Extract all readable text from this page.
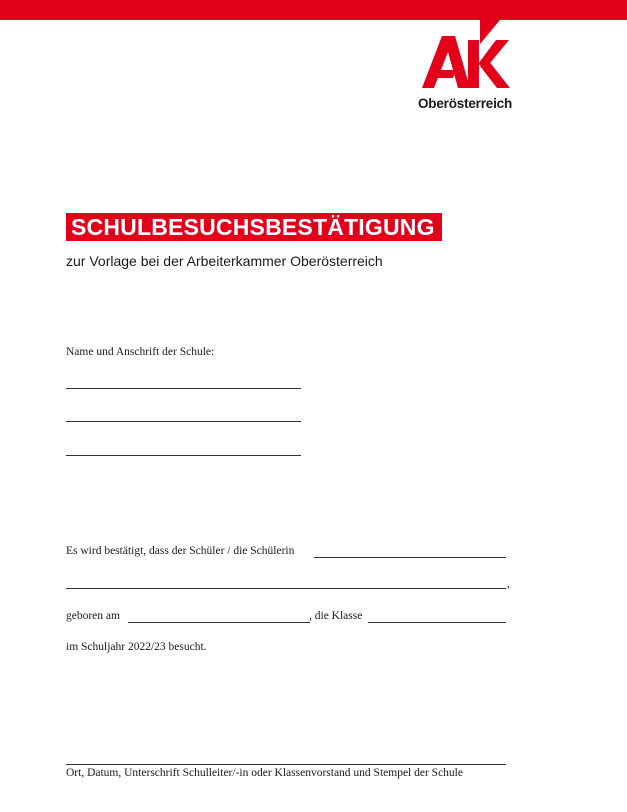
Oberösterreich
SCHULBESUCHSBESTÄTIGUNG
zur Vorlage bei der Arbeiterkammer Oberösterreich
Name und Anschrift der Schule:
Es wird bestätigt, dass der Schüler / die Schülerin
,
geboren am	, die Klasse
im Schuljahr 2022/23 besucht.
Ort, Datum, Unterschrift Schulleiter/-in oder Klassenvorstand und Stempel der Schule
